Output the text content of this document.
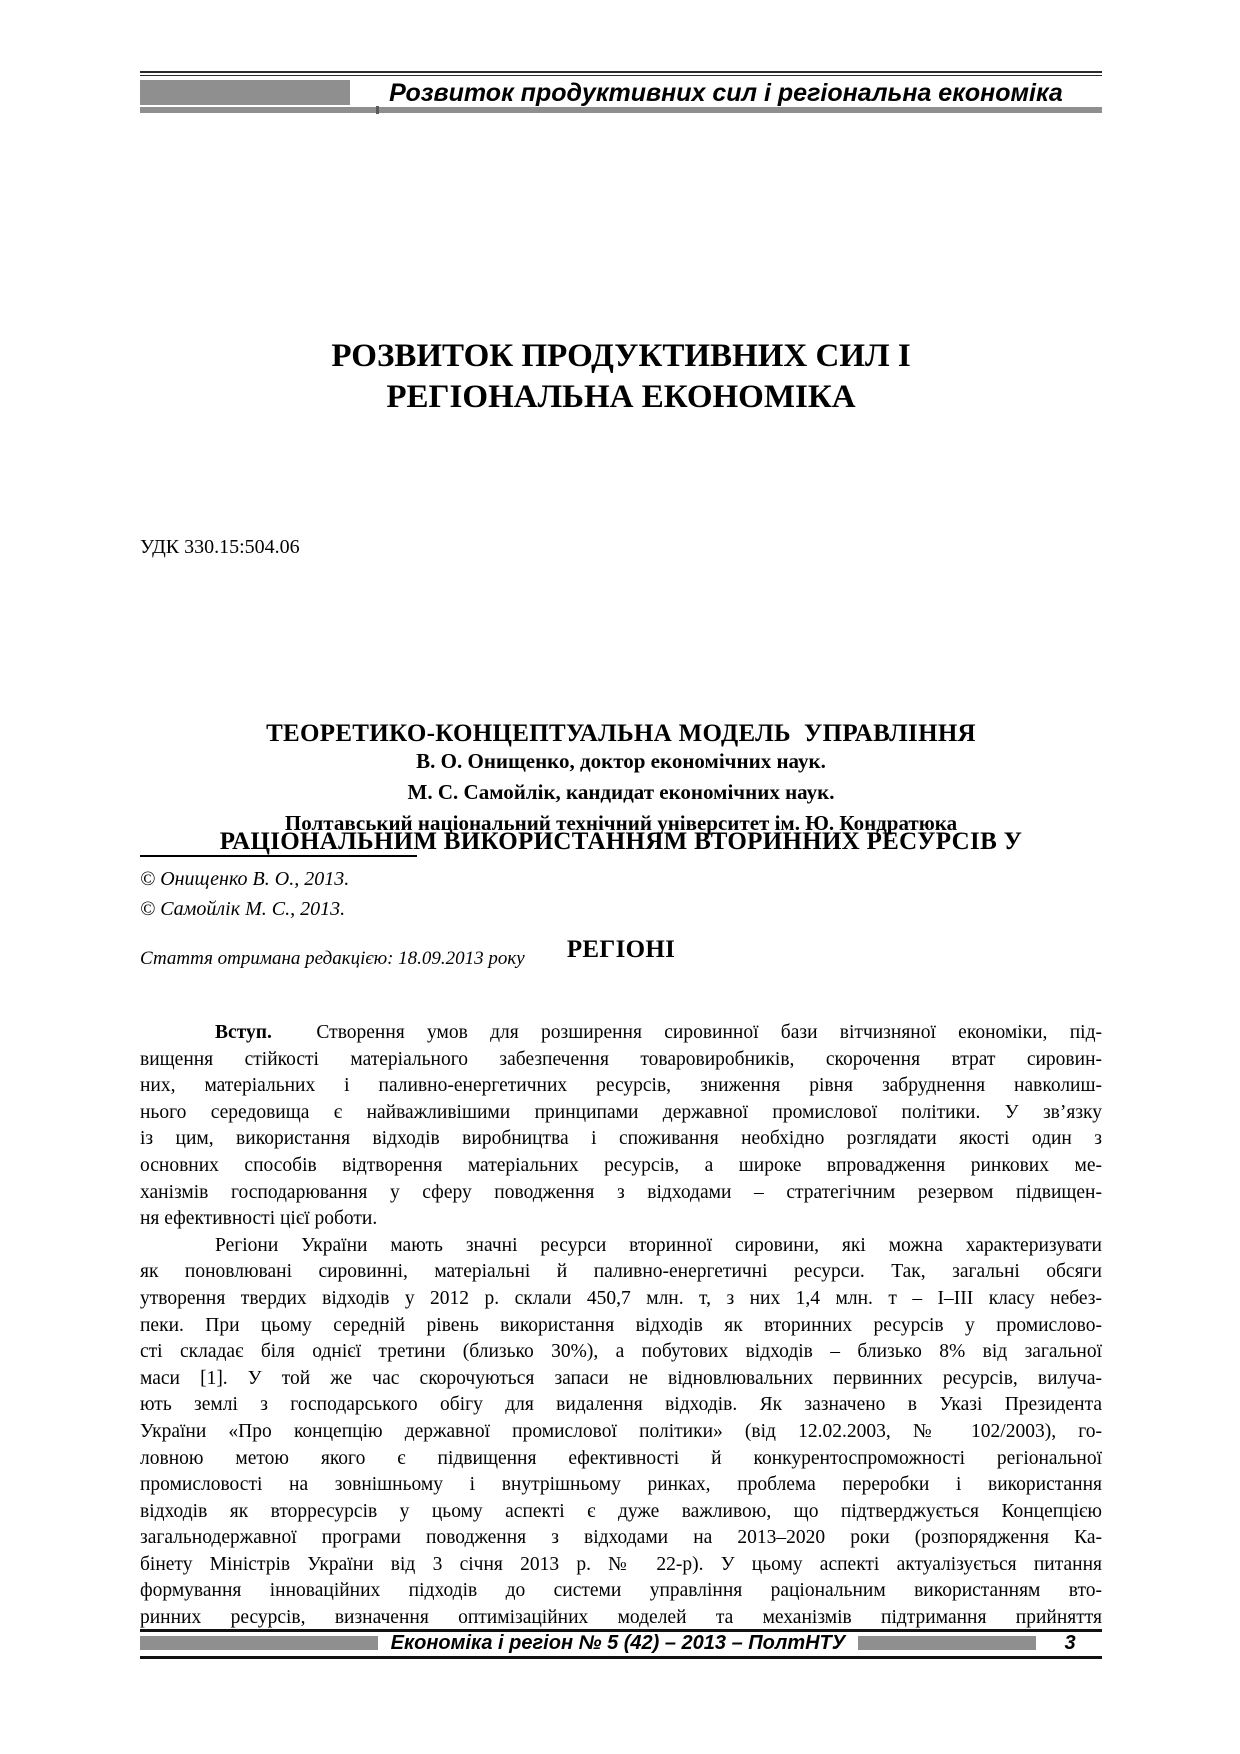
Розвиток продуктивних сил і регіональна економіка
РОЗВИТОК ПРОДУКТИВНИХ СИЛ І
РЕГІОНАЛЬНА ЕКОНОМІКА
УДК 330.15:504.06

ТЕОРЕТИКО-КОНЦЕПТУАЛЬНА МОДЕЛЬ  УПРАВЛІННЯ

РАЦІОНАЛЬНИМ ВИКОРИСТАННЯМ ВТОРИННИХ РЕСУРСІВ У

РЕГІОНІ

В. О. Онищенко, доктор економічних наук.
М. С. Самойлік, кандидат економічних наук.
Полтавський національний технічний університет ім. Ю. Кондратюка
© Онищенко В. О., 2013.
© Самойлік М. С., 2013.
Стаття отримана редакцією: 18.09.2013 року
Вступ.  Створення умов для розширення сировинної бази вітчизняної економіки, під-
вищення стійкості матеріального забезпечення товаровиробників, скорочення втрат сировин-
них, матеріальних і паливно-енергетичних ресурсів, зниження рівня забруднення навколиш-
нього середовища є найважливішими принципами державної промислової політики. У зв’язку
із цим, використання відходів виробництва і споживання необхідно розглядати якості один з
основних способів відтворення матеріальних ресурсів, а широке впровадження ринкових ме-
ханізмів господарювання у сферу поводження з відходами – стратегічним резервом підвищен-
ня ефективності цієї роботи.
Регіони України мають значні ресурси вторинної сировини, які можна характеризувати
як поновлювані сировинні, матеріальні й паливно-енергетичні ресурси. Так, загальні обсяги
утворення твердих відходів у 2012 р. склали 450,7 млн. т, з них 1,4 млн. т – І–ІІІ класу небез-
пеки. При цьому середній рівень використання відходів як вторинних ресурсів у промислово-
сті складає біля однієї третини (близько 30%), а побутових відходів – близько 8% від загальної
маси [1]. У той же час скорочуються запаси не відновлювальних первинних ресурсів, вилуча-
ють землі з господарського обігу для видалення відходів. Як зазначено в Указі Президента
України «Про концепцію державної промислової політики» (від 12.02.2003, № 102/2003), го-
ловною метою якого є підвищення ефективності й конкурентоспроможності регіональної
промисловості на зовнішньому і внутрішньому ринках, проблема переробки і використання
відходів як вторресурсів у цьому аспекті є дуже важливою, що підтверджується Концепцією
загальнодержавної програми поводження з відходами на 2013–2020 роки (розпорядження Ка-
бінету Міністрів України від 3 січня 2013 р. № 22-р). У цьому аспекті актуалізується питання
формування інноваційних підходів до системи управління раціональним використанням вто-
ринних ресурсів, визначення оптимізаційних моделей та механізмів підтримання прийняття
Економіка і регіон № 5 (42) – 2013 – ПолтНТУ	3
